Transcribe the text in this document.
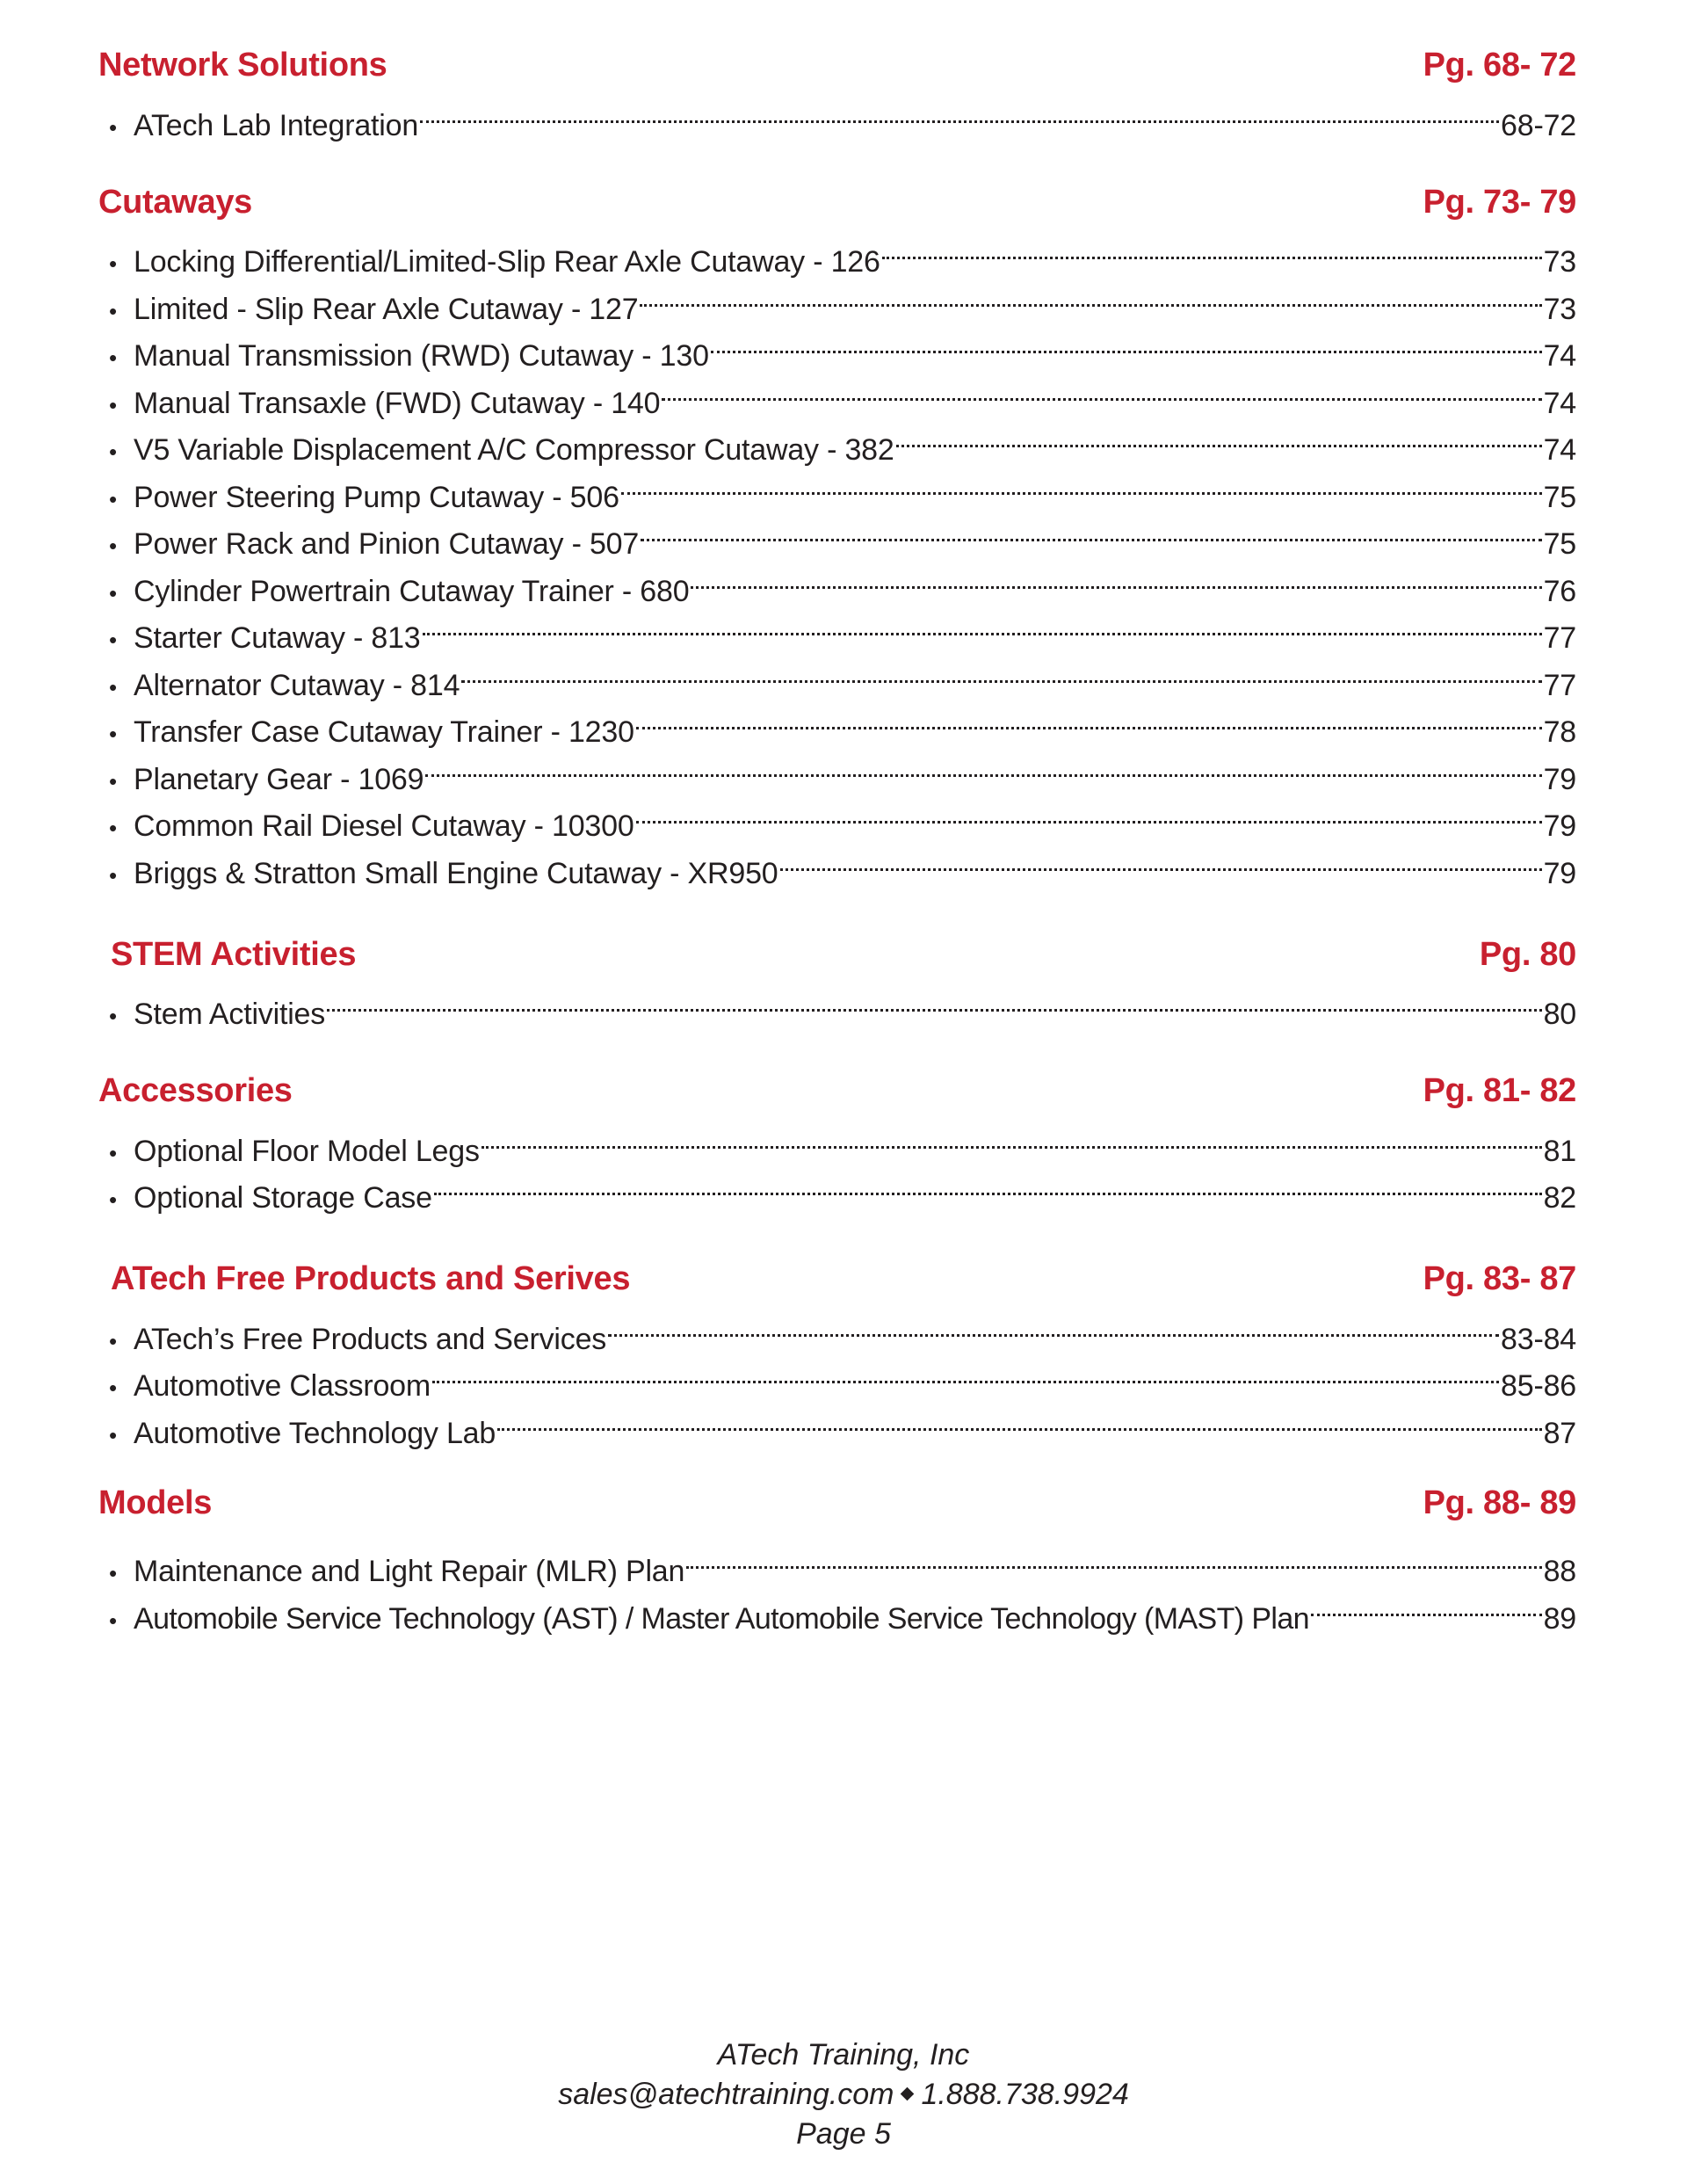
Network Solutions	Pg. 68- 72
• ATech Lab Integration	68-72
Cutaways	Pg. 73- 79
• Locking Differential/Limited-Slip Rear Axle Cutaway - 126	73
• Limited - Slip Rear Axle Cutaway - 127	73
• Manual Transmission (RWD) Cutaway - 130	74
• Manual Transaxle (FWD) Cutaway - 140	74
• V5 Variable Displacement A/C Compressor Cutaway - 382	74
• Power Steering Pump Cutaway - 506	75
• Power Rack and Pinion Cutaway - 507	75
• Cylinder Powertrain Cutaway Trainer - 680	76
• Starter Cutaway - 813	77
• Alternator Cutaway - 814	77
• Transfer Case Cutaway Trainer - 1230	78
• Planetary Gear - 1069	79
• Common Rail Diesel Cutaway - 10300	79
• Briggs & Stratton Small Engine Cutaway - XR950	79
STEM Activities	Pg. 80
• Stem Activities	80
Accessories	Pg. 81- 82
• Optional Floor Model Legs	81
• Optional Storage Case	82
ATech Free Products and Serives	Pg. 83- 87
• ATech’s Free Products and Services	83-84
• Automotive Classroom	85-86
• Automotive Technology Lab	87
Models	Pg. 88- 89
• Maintenance and Light Repair (MLR) Plan	88
• Automobile Service Technology (AST) / Master Automobile Service Technology (MAST) Plan	89
ATech Training, Inc
sales@atechtraining.com 1.888.738.9924
Page 5
